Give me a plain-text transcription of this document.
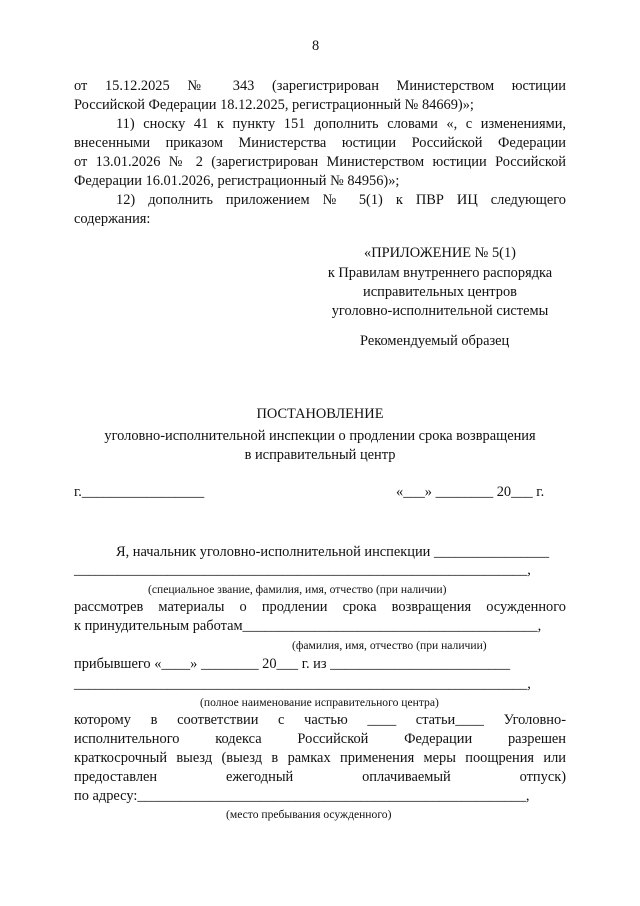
8
от 15.12.2025 № 343 (зарегистрирован Министерством юстиции
Российской Федерации 18.12.2025, регистрационный № 84669)»;
11) сноску 41 к пункту 151 дополнить словами «, с изменениями,
внесенными приказом Министерства юстиции Российской Федерации
от 13.01.2026 № 2 (зарегистрирован Министерством юстиции Российской
Федерации 16.01.2026, регистрационный № 84956)»;
12) дополнить приложением № 5(1) к ПВР ИЦ следующего
содержания:
«ПРИЛОЖЕНИЕ № 5(1)
к Правилам внутреннего распорядка
исправительных центров
уголовно-исполнительной системы
Рекомендуемый образец
ПОСТАНОВЛЕНИЕ
уголовно-исполнительной инспекции о продлении срока возвращения
в исправительный центр
г._________________	«___» ________ 20___ г.
Я, начальник уголовно-исполнительной инспекции ________________
_______________________________________________________________,
(специальное звание, фамилия, имя, отчество (при наличии)
рассмотрев материалы о продлении срока возвращения осужденного
к принудительным работам_________________________________________,
(фамилия, имя, отчество (при наличии)
прибывшего «____» ________ 20___ г. из _________________________
_______________________________________________________________,
(полное наименование исправительного центра)
которому в соответствии с частью ____ статьи____ Уголовно-
исполнительного кодекса Российской Федерации разрешен
краткосрочный выезд (выезд в рамках применения меры поощрения или
предоставлен ежегодный оплачиваемый отпуск)
по адресу:______________________________________________________,
(место пребывания осужденного)
